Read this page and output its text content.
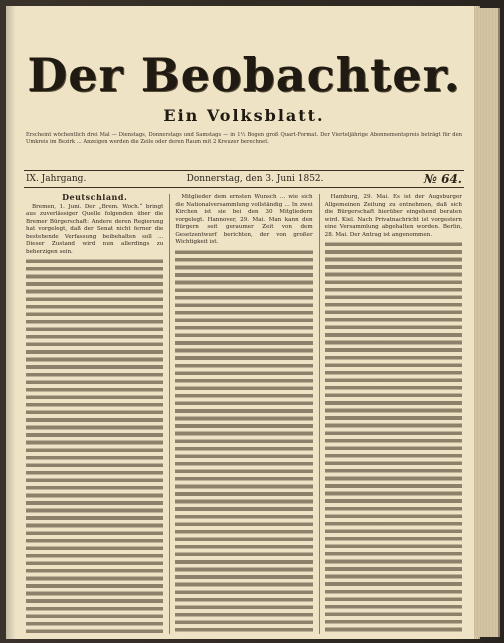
Der Beobachter.
Ein Volksblatt.
Erscheint wöchentlich drei Mal — Dienstags, Donnerstags und Samstags — in 1½ Bogen groß Quart-Format. Der Vierteljährige Abonnementspreis beträgt für den Umkreis im Bezirk ... Anzeigen werden die Zeile oder deren Raum mit 2 Kreuzer berechnet.
IX. Jahrgang.	Donnerstag, den 3. Juni 1852.	№ 64.
Deutschland.

Bremen, 1. Juni. Der „Brem. Woch.“ bringt aus zuverlässiger Quelle folgenden über die Bremer Bürgerschaft: Andere deren Regierung hat vorgelegt, daß der Senat nicht ferner die bestehende Verfassung beibehalten soll ... Dieser Zustand wird nun allerdings zu beherzigen sein.

Mitglieder dem ernsten Wunsch ... wie sich die Nationalversammlung vollständig ... In zwei Kirchen ist sie bei den 30 Mitgliedern vorgelegt. Hannover, 29. Mai. Man kann den Bürgern seit geraumer Zeit von dem Gesetzentwurf berichten, der von großer Wichtigkeit ist.

Hamburg, 29. Mai. Es ist der Augsburger Allgemeinen Zeitung zu entnehmen, daß sich die Bürgerschaft hierüber eingehend beraten wird. Kiel. Nach Privatnachricht ist vorgestern eine Versammlung abgehalten worden. Berlin, 28. Mai. Der Antrag ist angenommen.
